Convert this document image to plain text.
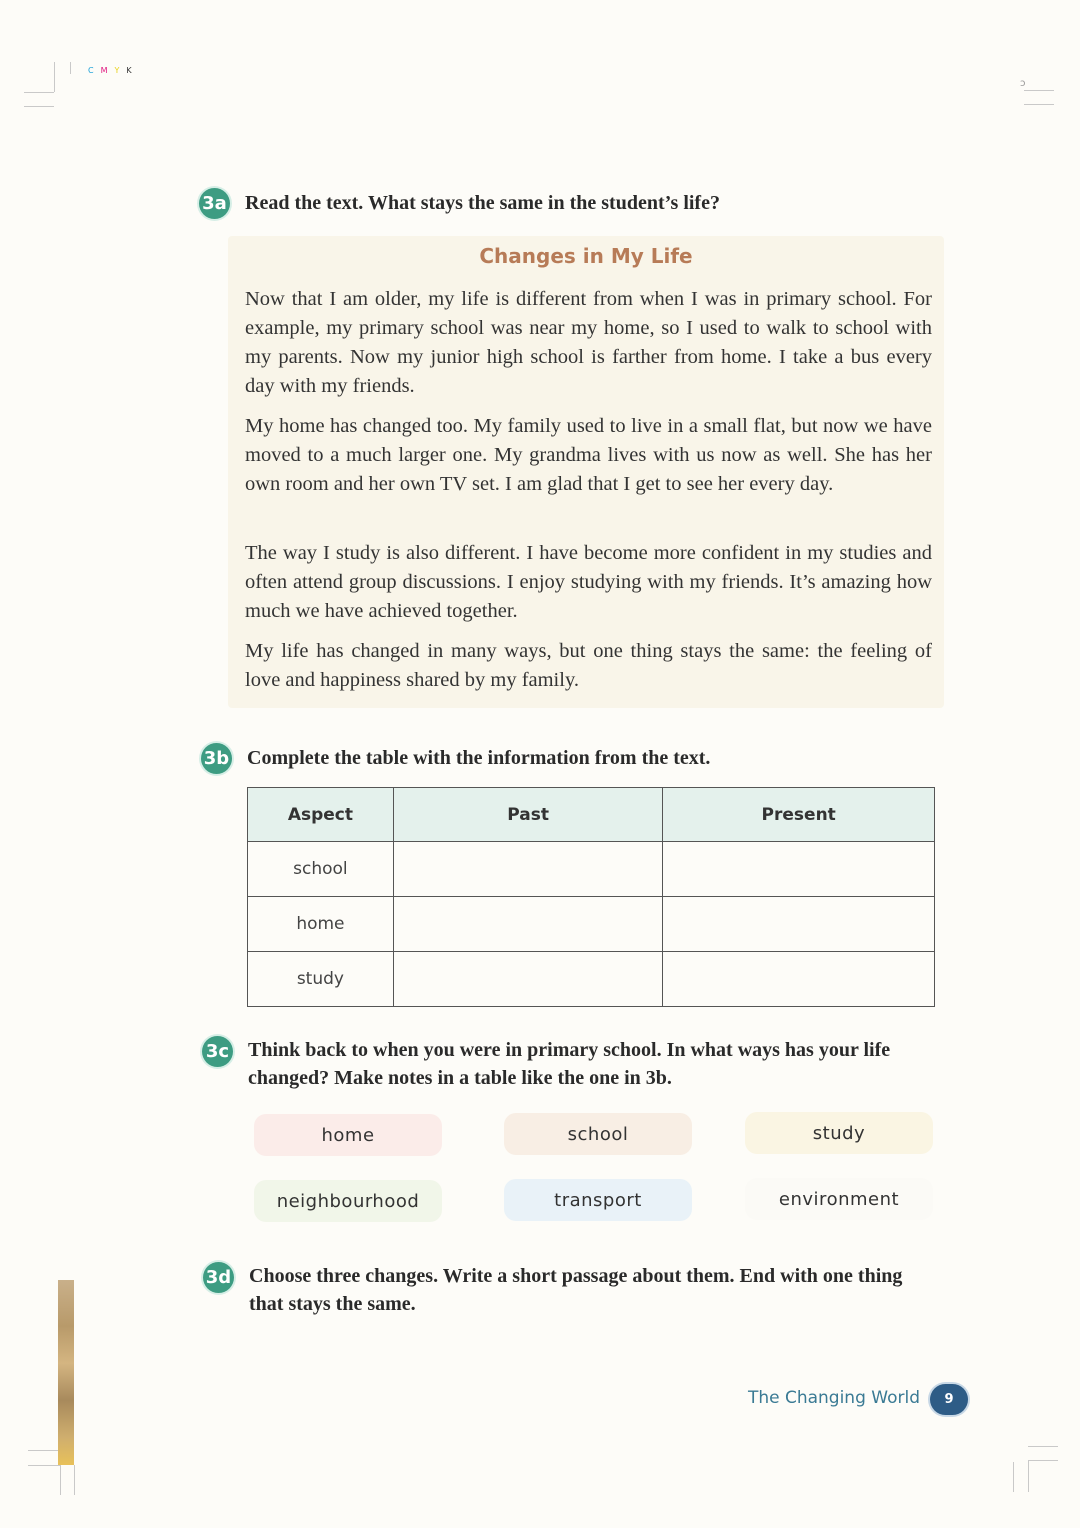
CMYK
ↄ
3a Read the text. What stays the same in the student’s life?
Changes in My Life

Now that I am older, my life is different from when I was in primary school. For example, my primary school was near my home, so I used to walk to school with my parents. Now my junior high school is farther from home. I take a bus every day with my friends.

My home has changed too. My family used to live in a small flat, but now we have moved to a much larger one. My grandma lives with us now as well. She has her own room and her own TV set. I am glad that I get to see her every day.

The way I study is also different. I have become more confident in my studies and often attend group discussions. I enjoy studying with my friends. It’s amazing how much we have achieved together.

My life has changed in many ways, but one thing stays the same: the feeling of love and happiness shared by my family.

3b Complete the table with the information from the text.
Aspect	Past	Present
school		
home		
study		
3c Think back to when you were in primary school. In what ways has your life changed? Make notes in a table like the one in 3b.
home	school	study
neighbourhood	transport	environment
3d Choose three changes. Write a short passage about them. End with one thing that stays the same.
The Changing World	9
